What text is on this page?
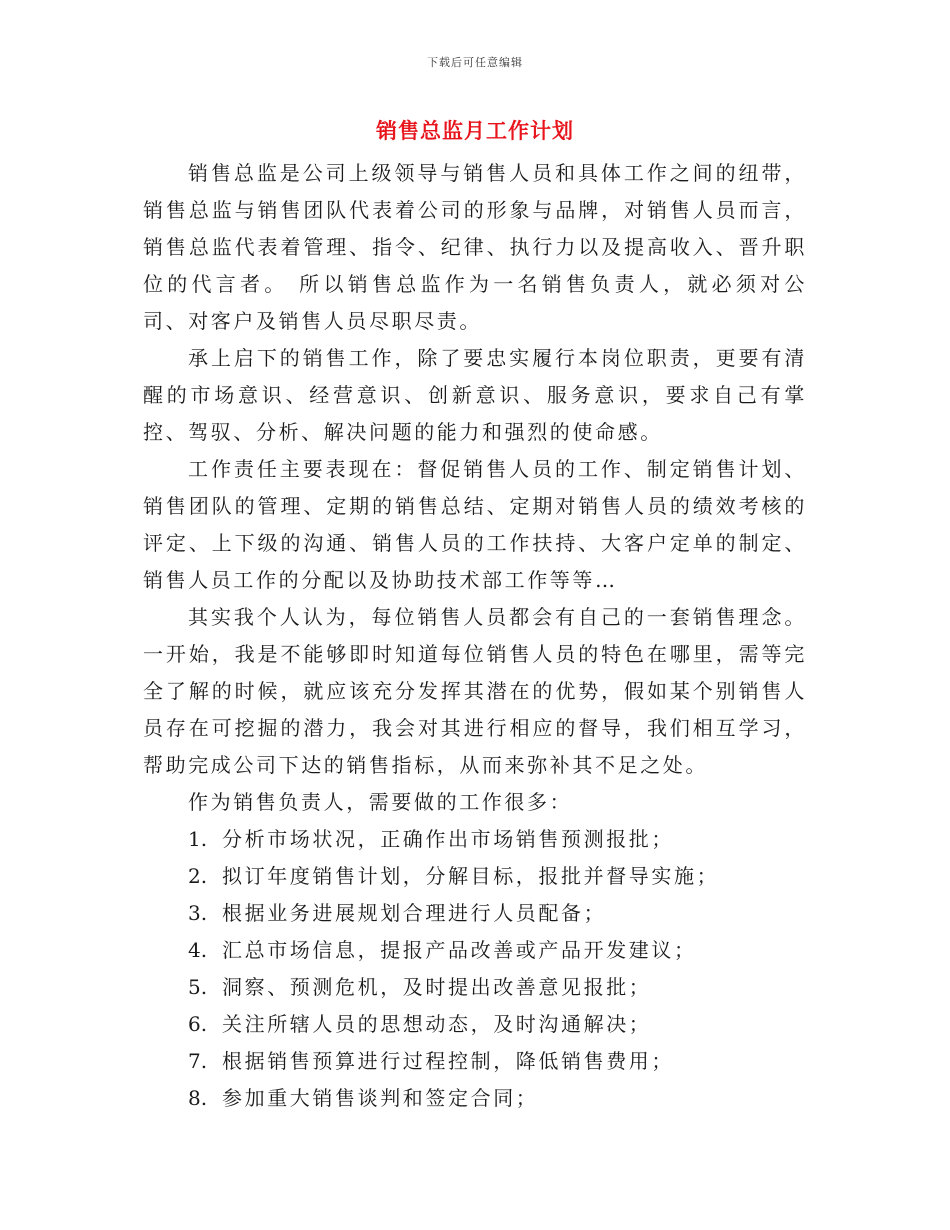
下载后可任意编辑
销售总监月工作计划

销售总监是公司上级领导与销售人员和具体工作之间的纽带，销售总监与销售团队代表着公司的形象与品牌，对销售人员而言，销售总监代表着管理、指令、纪律、执行力以及提高收入、晋升职位的代言者。 所以销售总监作为一名销售负责人，就必须对公司、对客户及销售人员尽职尽责。

承上启下的销售工作，除了要忠实履行本岗位职责，更要有清醒的市场意识、经营意识、创新意识、服务意识，要求自己有掌控、驾驭、分析、解决问题的能力和强烈的使命感。

工作责任主要表现在：督促销售人员的工作、制定销售计划、销售团队的管理、定期的销售总结、定期对销售人员的绩效考核的评定、上下级的沟通、销售人员的工作扶持、大客户定单的制定、销售人员工作的分配以及协助技术部工作等等…

其实我个人认为，每位销售人员都会有自己的一套销售理念。一开始，我是不能够即时知道每位销售人员的特色在哪里，需等完全了解的时候，就应该充分发挥其潜在的优势，假如某个别销售人员存在可挖掘的潜力，我会对其进行相应的督导，我们相互学习，帮助完成公司下达的销售指标，从而来弥补其不足之处。

作为销售负责人，需要做的工作很多：

1. 分析市场状况，正确作出市场销售预测报批；
2. 拟订年度销售计划，分解目标，报批并督导实施；
3. 根据业务进展规划合理进行人员配备；
4. 汇总市场信息，提报产品改善或产品开发建议；
5. 洞察、预测危机，及时提出改善意见报批；
6. 关注所辖人员的思想动态，及时沟通解决；
7. 根据销售预算进行过程控制，降低销售费用；
8. 参加重大销售谈判和签定合同；
